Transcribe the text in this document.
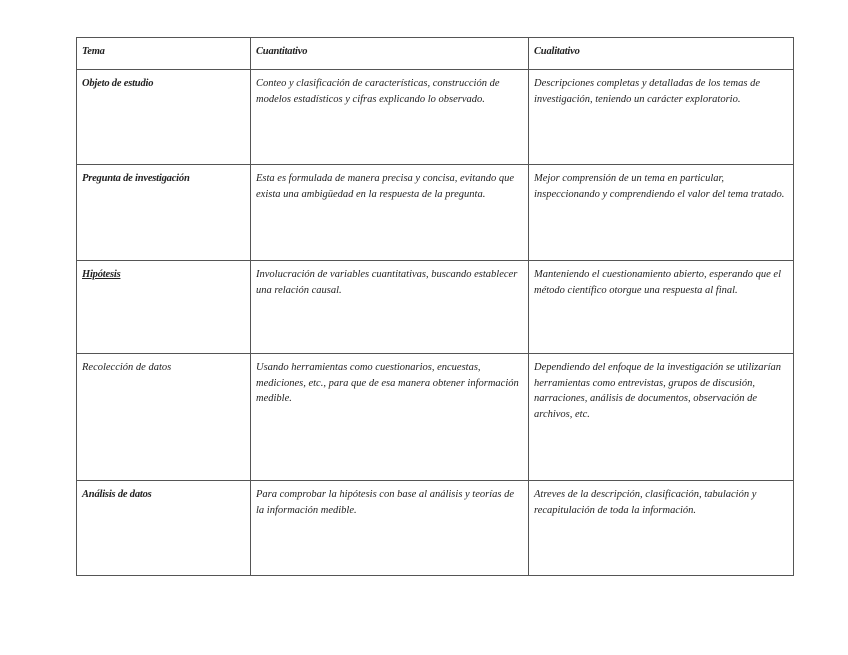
Tema	Cuantitativo	Cualitativo
Objeto de estudio	Conteo y clasificación de características, construcción de modelos estadísticos y cifras explicando lo observado.	Descripciones completas y detalladas de los temas de investigación, teniendo un carácter exploratorio.
Pregunta de investigación	Esta es formulada de manera precisa y concisa, evitando que exista una ambigüedad en la respuesta de la pregunta.	Mejor comprensión de un tema en particular, inspeccionando y comprendiendo el valor del tema tratado.
Hipótesis	Involucración de variables cuantitativas, buscando establecer una relación causal.	Manteniendo el cuestionamiento abierto, esperando que el método científico otorgue una respuesta al final.
Recolección de datos	Usando herramientas como cuestionarios, encuestas, mediciones, etc., para que de esa manera obtener información medible.	Dependiendo del enfoque de la investigación se utilizarían herramientas como entrevistas, grupos de discusión, narraciones, análisis de documentos, observación de archivos, etc.
Análisis de datos	Para comprobar la hipótesis con base al análisis y teorías de la información medible.	Atreves de la descripción, clasificación, tabulación y recapitulación de toda la información.
